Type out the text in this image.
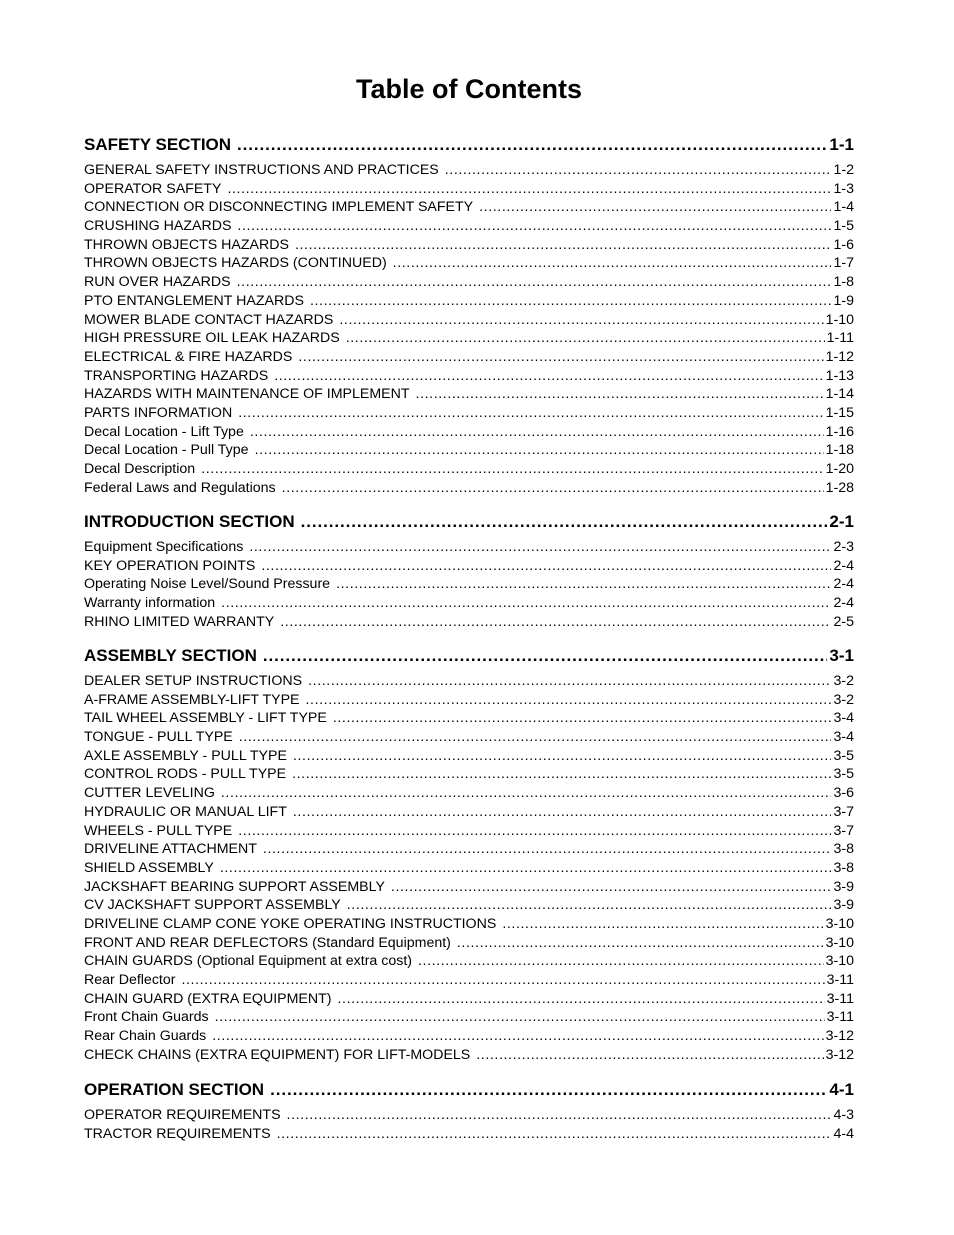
Table of Contents
SAFETY SECTION .....	1-1
GENERAL SAFETY INSTRUCTIONS AND PRACTICES .....	1-2
OPERATOR SAFETY .....	1-3
CONNECTION OR DISCONNECTING IMPLEMENT SAFETY .....	1-4
CRUSHING HAZARDS .....	1-5
THROWN OBJECTS HAZARDS .....	1-6
THROWN OBJECTS HAZARDS (CONTINUED) .....	1-7
RUN OVER HAZARDS .....	1-8
PTO ENTANGLEMENT HAZARDS .....	1-9
MOWER BLADE CONTACT HAZARDS .....	1-10
HIGH PRESSURE OIL LEAK HAZARDS .....	1-11
ELECTRICAL & FIRE HAZARDS .....	1-12
TRANSPORTING HAZARDS .....	1-13
HAZARDS WITH MAINTENANCE OF IMPLEMENT .....	1-14
PARTS INFORMATION .....	1-15
Decal Location - Lift Type .....	1-16
Decal Location - Pull Type .....	1-18
Decal Description .....	1-20
Federal Laws and Regulations .....	1-28
INTRODUCTION SECTION .....	2-1
Equipment Specifications .....	2-3
KEY OPERATION POINTS .....	2-4
Operating Noise Level/Sound Pressure .....	2-4
Warranty information .....	2-4
RHINO LIMITED WARRANTY .....	2-5
ASSEMBLY SECTION .....	3-1
DEALER SETUP INSTRUCTIONS .....	3-2
A-FRAME ASSEMBLY-LIFT TYPE .....	3-2
TAIL WHEEL ASSEMBLY - LIFT TYPE .....	3-4
TONGUE - PULL TYPE .....	3-4
AXLE ASSEMBLY - PULL TYPE .....	3-5
CONTROL RODS - PULL TYPE .....	3-5
CUTTER LEVELING .....	3-6
HYDRAULIC OR MANUAL LIFT .....	3-7
WHEELS - PULL TYPE .....	3-7
DRIVELINE ATTACHMENT .....	3-8
SHIELD ASSEMBLY .....	3-8
JACKSHAFT BEARING SUPPORT ASSEMBLY .....	3-9
CV JACKSHAFT SUPPORT ASSEMBLY .....	3-9
DRIVELINE CLAMP CONE YOKE OPERATING INSTRUCTIONS .....	3-10
FRONT AND REAR DEFLECTORS (Standard Equipment) .....	3-10
CHAIN GUARDS (Optional Equipment at extra cost) .....	3-10
Rear Deflector .....	3-11
CHAIN GUARD (EXTRA EQUIPMENT) .....	3-11
Front Chain Guards .....	3-11
Rear Chain Guards .....	3-12
CHECK CHAINS (EXTRA EQUIPMENT) FOR LIFT-MODELS .....	3-12
OPERATION SECTION .....	4-1
OPERATOR REQUIREMENTS .....	4-3
TRACTOR REQUIREMENTS .....	4-4
